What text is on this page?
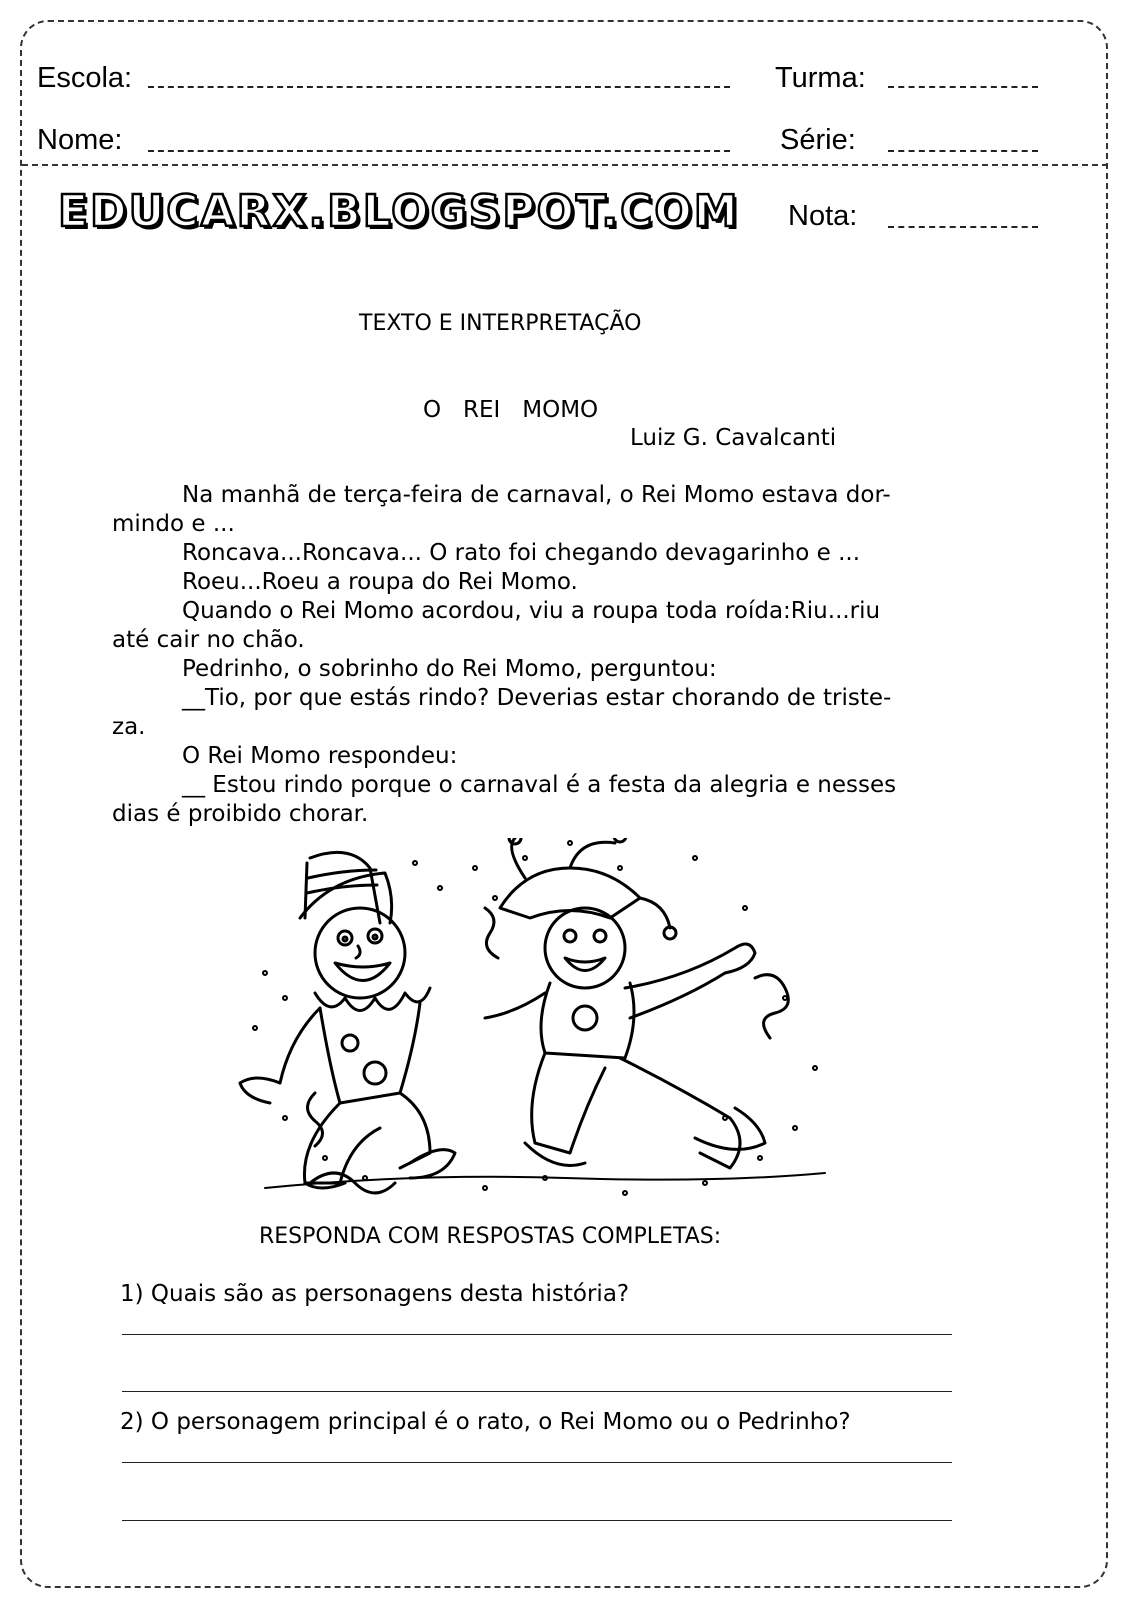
Escola:	Turma:
Nome:	Série:
EDUCARX.BLOGSPOT.COM Nota:
TEXTO E INTERPRETAÇÃO
O   REI   MOMO
Luiz G. Cavalcanti
Na manhã de terça-feira de carnaval, o Rei Momo estava dor-
mindo e ...
Roncava...Roncava... O rato foi chegando devagarinho e ...
Roeu...Roeu a roupa do Rei Momo.
Quando o Rei Momo acordou, viu a roupa toda roída:Riu...riu
até cair no chão.
Pedrinho, o sobrinho do Rei Momo, perguntou:
__Tio, por que estás rindo? Deverias estar chorando de triste-
za.
O Rei Momo respondeu:
__ Estou rindo porque o carnaval é a festa da alegria e nesses
dias é proibido chorar.
RESPONDA COM RESPOSTAS COMPLETAS:
1) Quais são as personagens desta história?
2) O personagem principal é o rato, o Rei Momo ou o Pedrinho?
